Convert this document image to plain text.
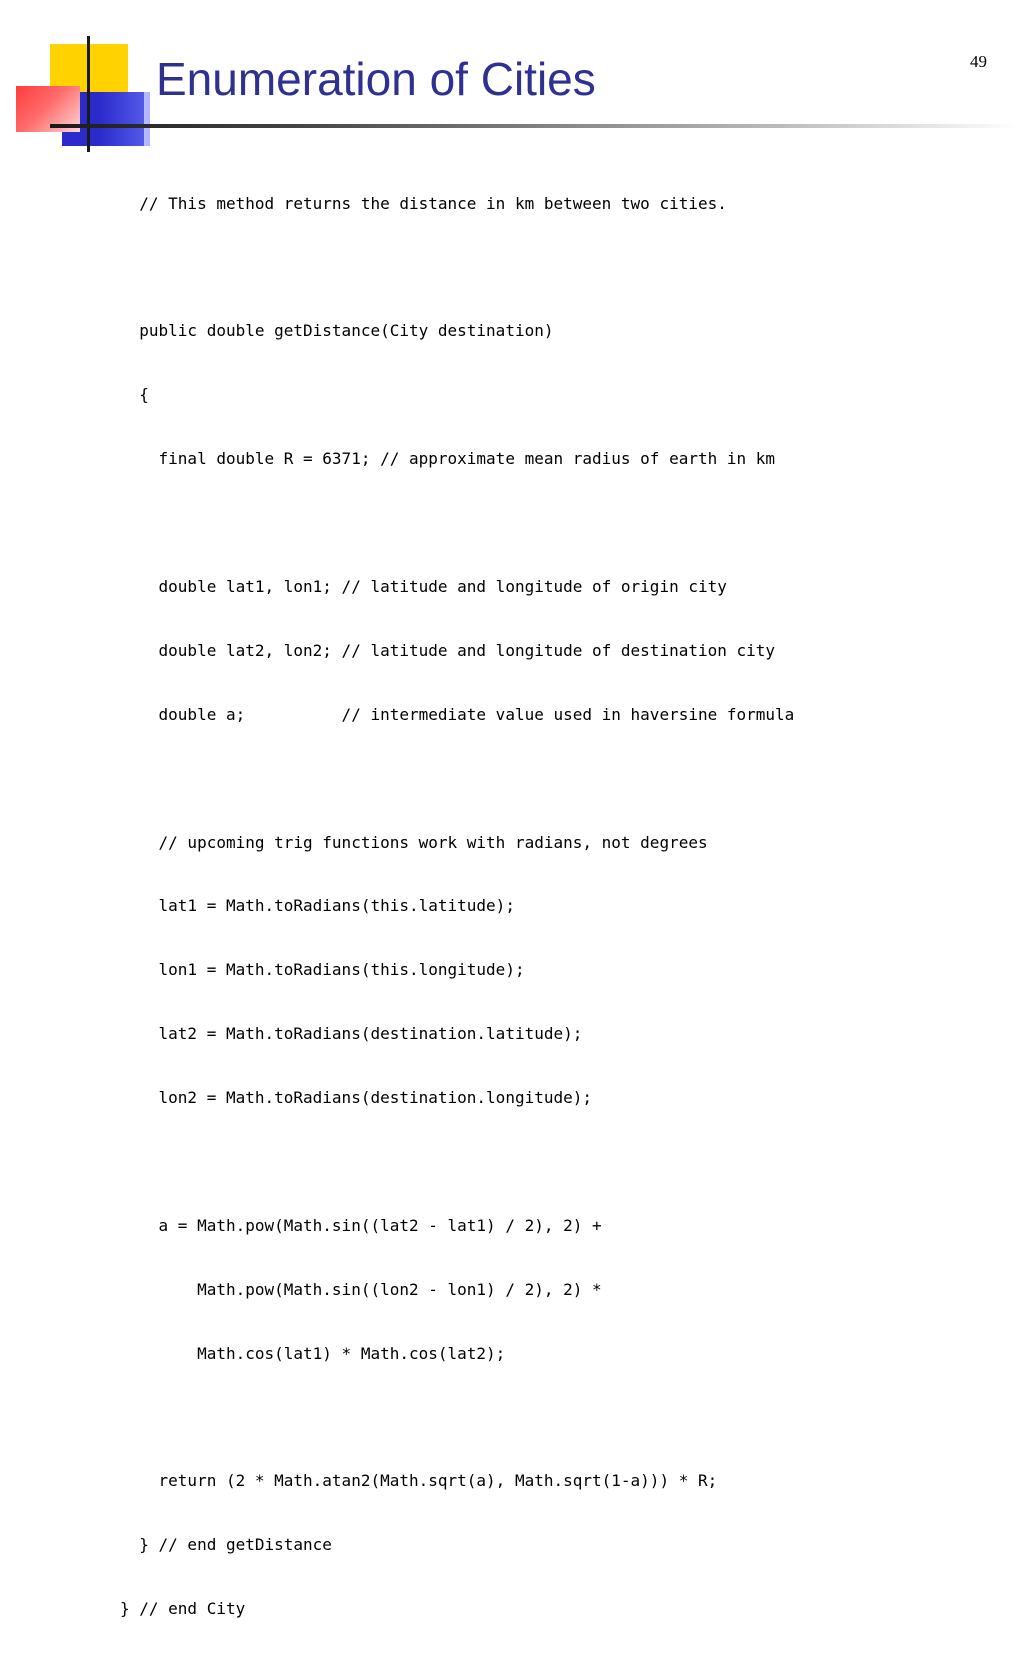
Enumeration of Cities	49

// This method returns the distance in km between two cities.

public double getDistance(City destination)

{

final double R = 6371; // approximate mean radius of earth in km

double lat1, lon1; // latitude and longitude of origin city

double lat2, lon2; // latitude and longitude of destination city

double a;          // intermediate value used in haversine formula

// upcoming trig functions work with radians, not degrees

lat1 = Math.toRadians(this.latitude);

lon1 = Math.toRadians(this.longitude);

lat2 = Math.toRadians(destination.latitude);

lon2 = Math.toRadians(destination.longitude);

a = Math.pow(Math.sin((lat2 - lat1) / 2), 2) +

Math.pow(Math.sin((lon2 - lon1) / 2), 2) *

Math.cos(lat1) * Math.cos(lat2);

return (2 * Math.atan2(Math.sqrt(a), Math.sqrt(1-a))) * R;

} // end getDistance

} // end City
